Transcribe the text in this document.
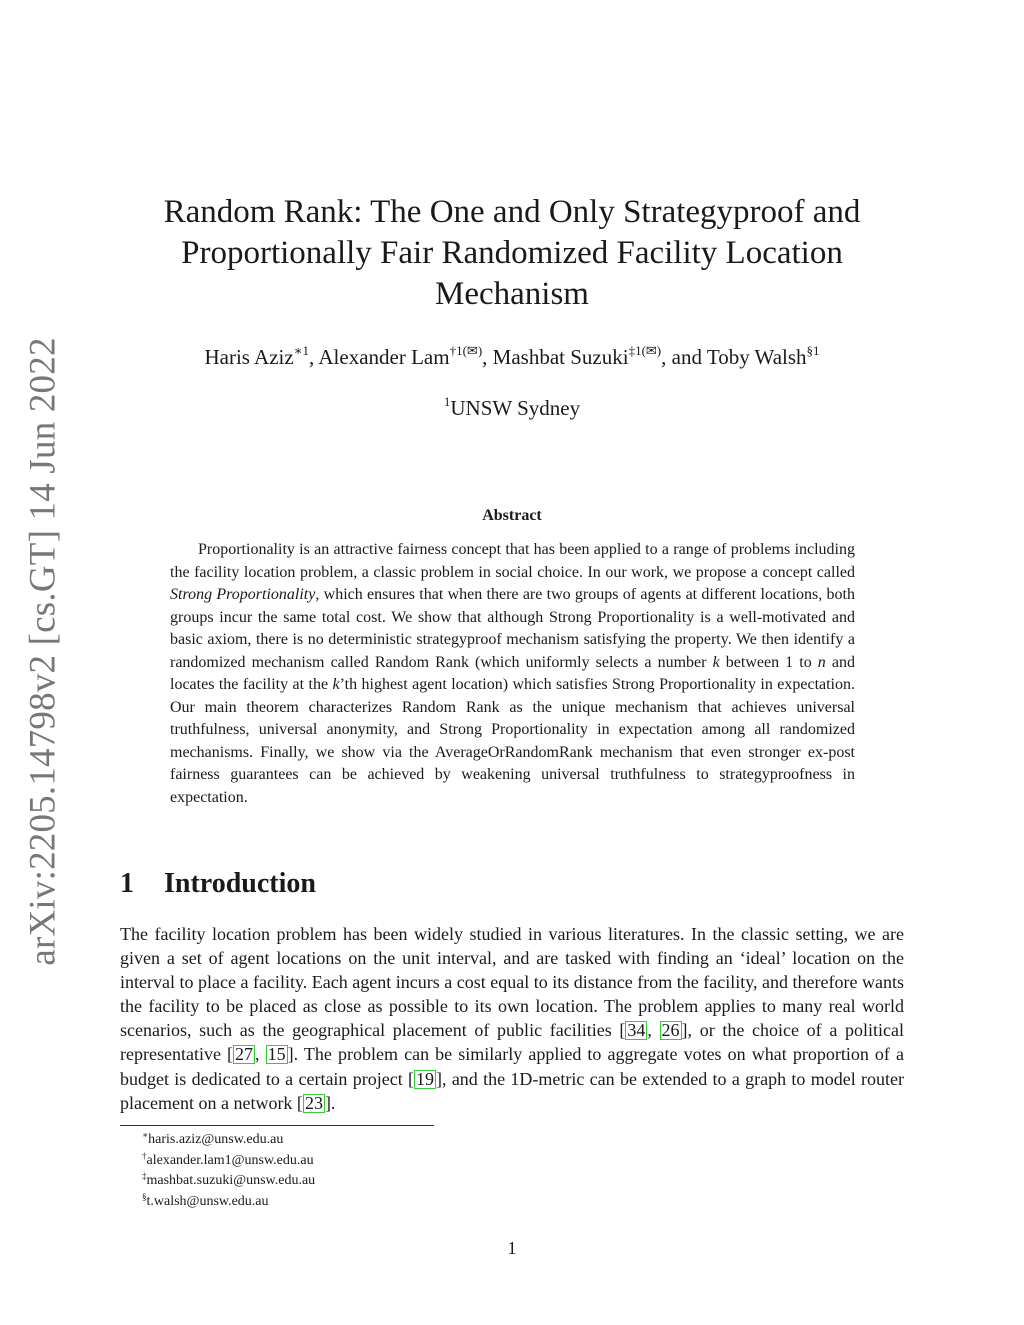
arXiv:2205.14798v2 [cs.GT] 14 Jun 2022
Random Rank: The One and Only Strategyproof and
Proportionally Fair Randomized Facility Location
Mechanism
Haris Aziz$^{∗1}$, Alexander Lam$^{\dagger 1(✉)}$, Mashbat Suzuki$^{\ddagger 1(✉)}$, and Toby Walsh$^{\S 1}$
$^1$UNSW Sydney
Abstract

Proportionality is an attractive fairness concept that has been applied to a range of problems including the facility location problem, a classic problem in social choice. In our work, we propose a concept called Strong Proportionality, which ensures that when there are two groups of agents at different locations, both groups incur the same total cost. We show that although Strong Proportionality is a well-motivated and basic axiom, there is no deterministic strategyproof mechanism satisfying the property. We then identify a randomized mechanism called Random Rank (which uniformly selects a number k between 1 to n and locates the facility at the k’th highest agent location) which satisfies Strong Proportionality in expectation. Our main theorem characterizes Random Rank as the unique mechanism that achieves universal truthfulness, universal anonymity, and Strong Proportionality in expectation among all randomized mechanisms. Finally, we show via the AverageOrRandomRank mechanism that even stronger ex-post fairness guarantees can be achieved by weakening universal truthfulness to strategyproofness in expectation.

1 Introduction

The facility location problem has been widely studied in various literatures. In the classic setting, we are given a set of agent locations on the unit interval, and are tasked with finding an ‘ideal’ location on the interval to place a facility. Each agent incurs a cost equal to its distance from the facility, and therefore wants the facility to be placed as close as possible to its own location. The problem applies to many real world scenarios, such as the geographical placement of public facilities [ 34 , 26 ], or the choice of a political representative [ 27 , 15 ]. The problem can be similarly applied to aggregate votes on what proportion of a budget is dedicated to a certain project [ 19 ], and the 1D-metric can be extended to a graph to model router placement on a network [ 23 ].

∗haris.aziz@unsw.edu.au
†alexander.lam1@unsw.edu.au
‡mashbat.suzuki@unsw.edu.au
§t.walsh@unsw.edu.au
1
